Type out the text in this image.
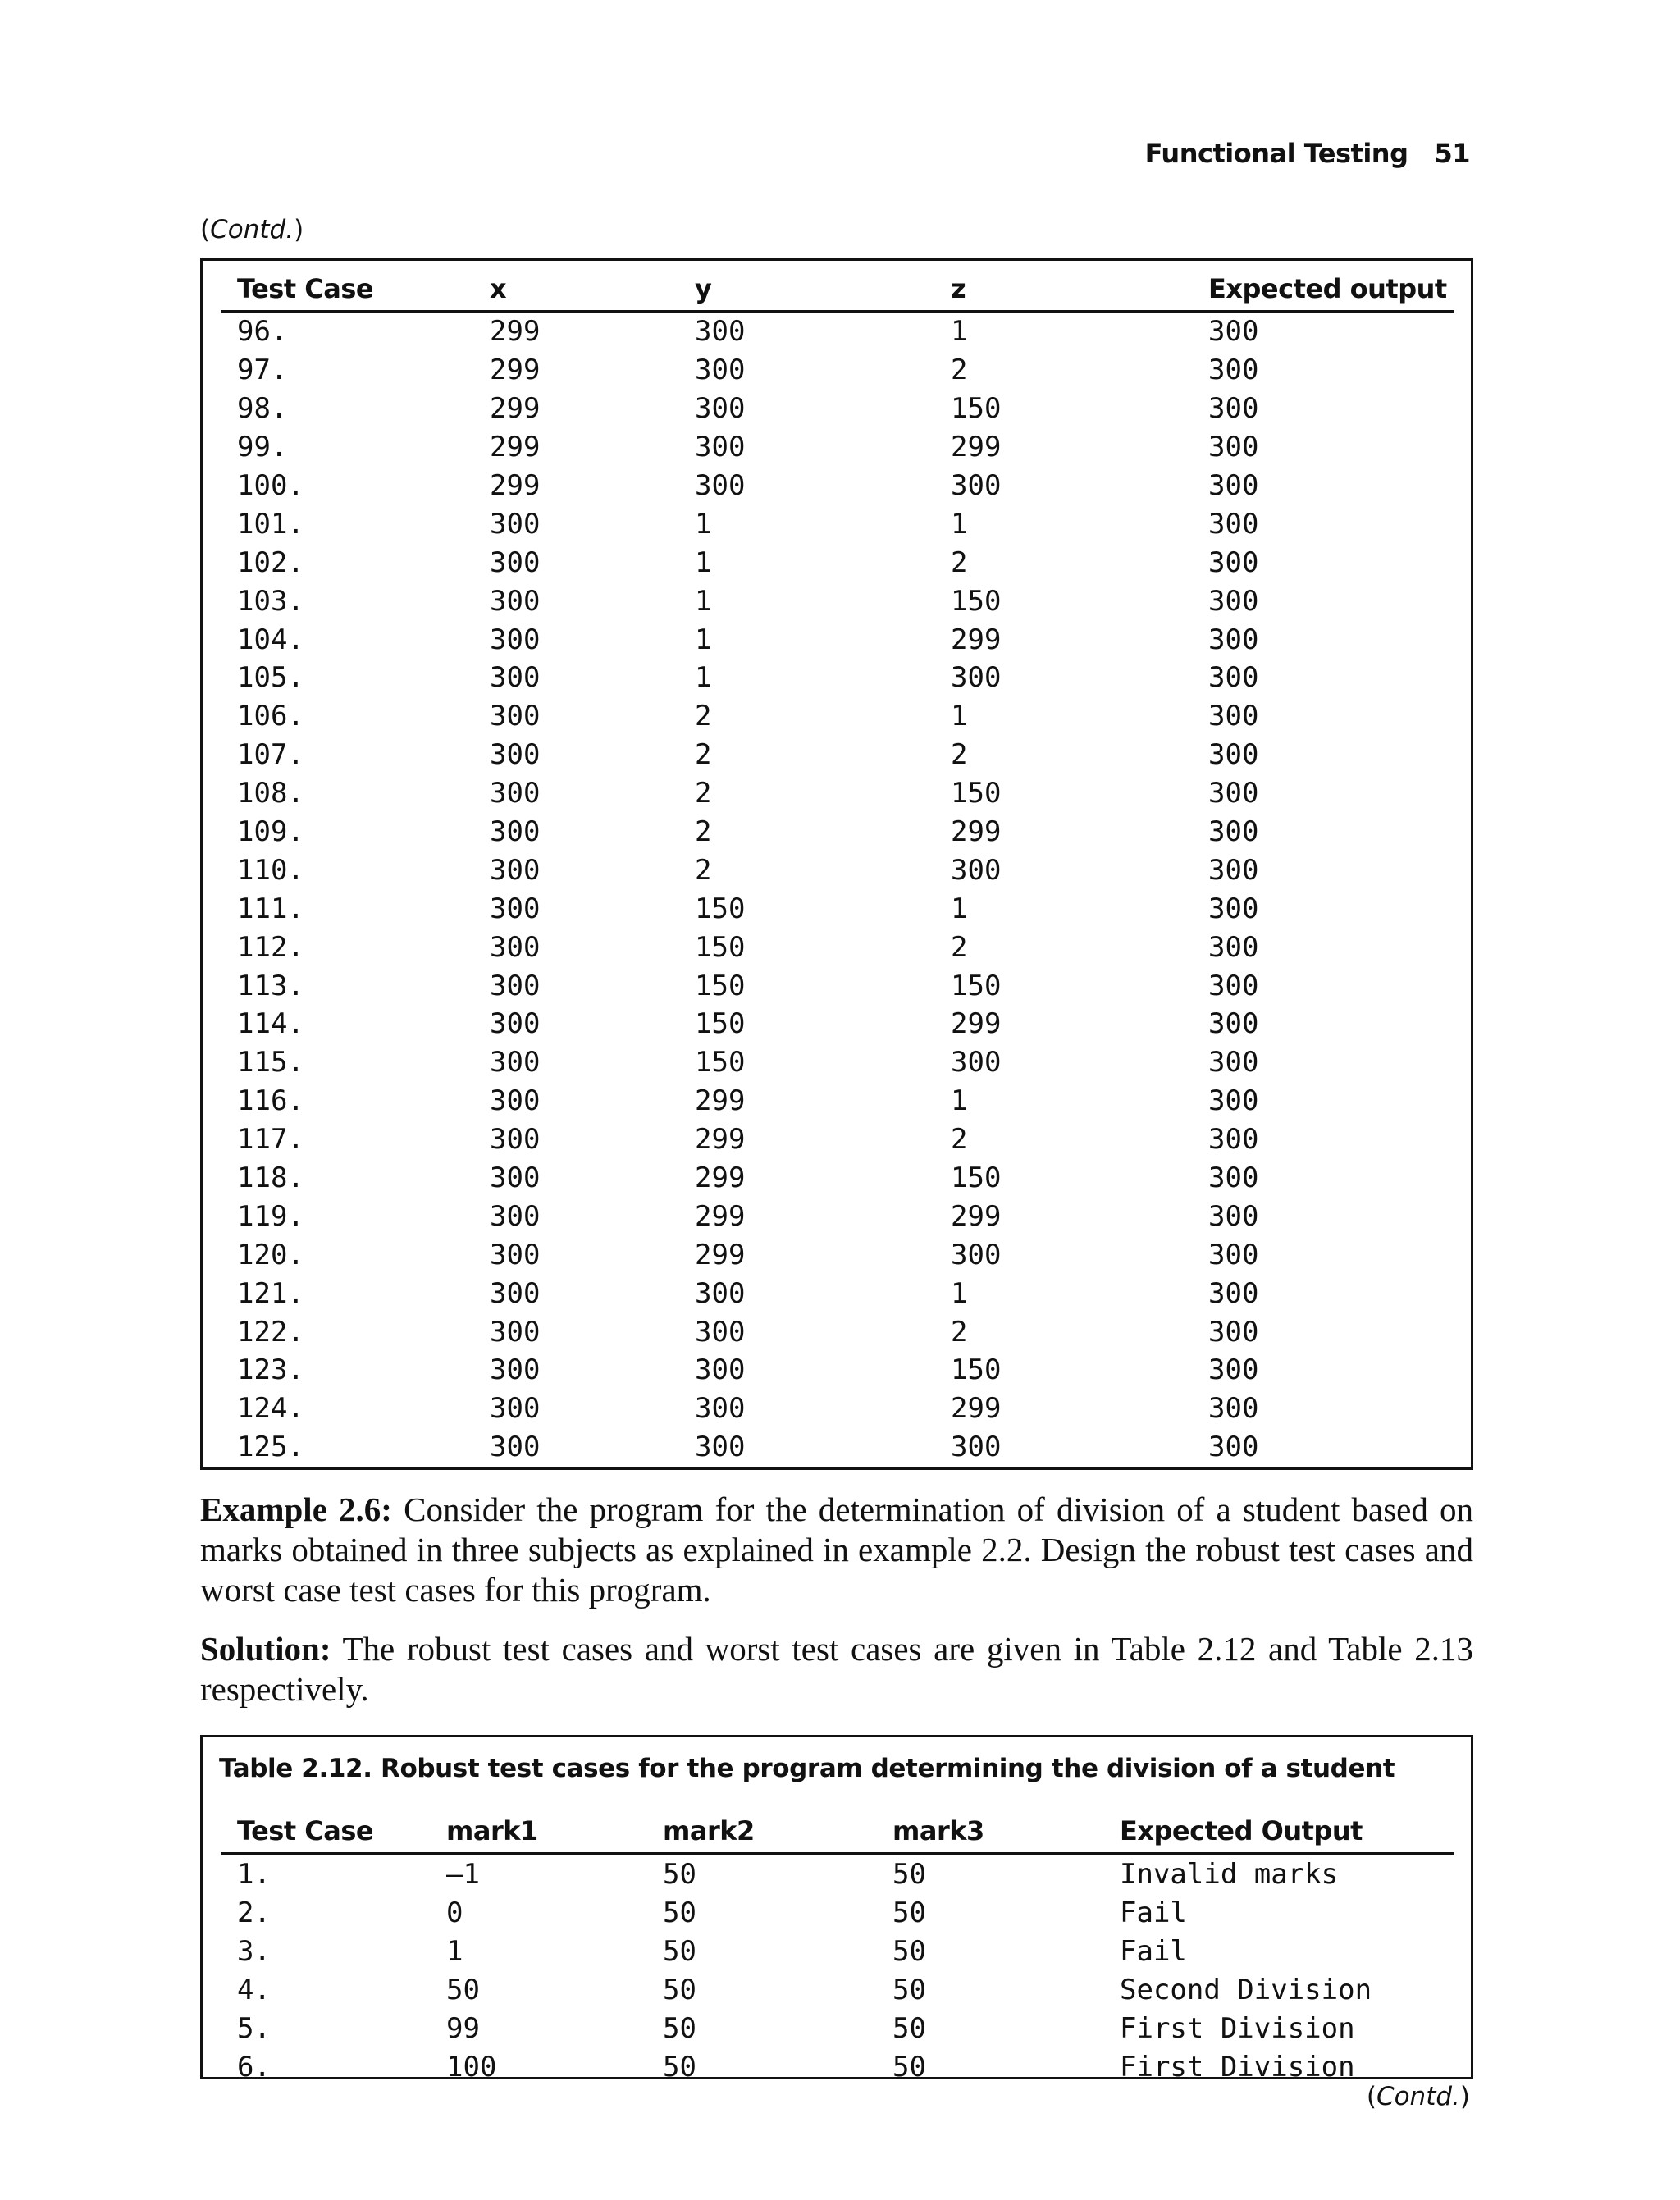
Functional Testing 51
(Contd.)
Test Case	x	y	z	Expected output
96.	299	300	1	300
97.	299	300	2	300
98.	299	300	150	300
99.	299	300	299	300
100.	299	300	300	300
101.	300	1	1	300
102.	300	1	2	300
103.	300	1	150	300
104.	300	1	299	300
105.	300	1	300	300
106.	300	2	1	300
107.	300	2	2	300
108.	300	2	150	300
109.	300	2	299	300
110.	300	2	300	300
111.	300	150	1	300
112.	300	150	2	300
113.	300	150	150	300
114.	300	150	299	300
115.	300	150	300	300
116.	300	299	1	300
117.	300	299	2	300
118.	300	299	150	300
119.	300	299	299	300
120.	300	299	300	300
121.	300	300	1	300
122.	300	300	2	300
123.	300	300	150	300
124.	300	300	299	300
125.	300	300	300	300
Example 2.6: Consider the program for the determination of division of a student based on marks obtained in three subjects as explained in example 2.2. Design the robust test cases and worst case test cases for this program.
Solution: The robust test cases and worst test cases are given in Table 2.12 and Table 2.13 respectively.
Table 2.12. Robust test cases for the program determining the division of a student
Test Case	mark1	mark2	mark3	Expected Output
1.	–1	50	50	Invalid marks
2.	0	50	50	Fail
3.	1	50	50	Fail
4.	50	50	50	Second Division
5.	99	50	50	First Division
6.	100	50	50	First Division
(Contd.)
